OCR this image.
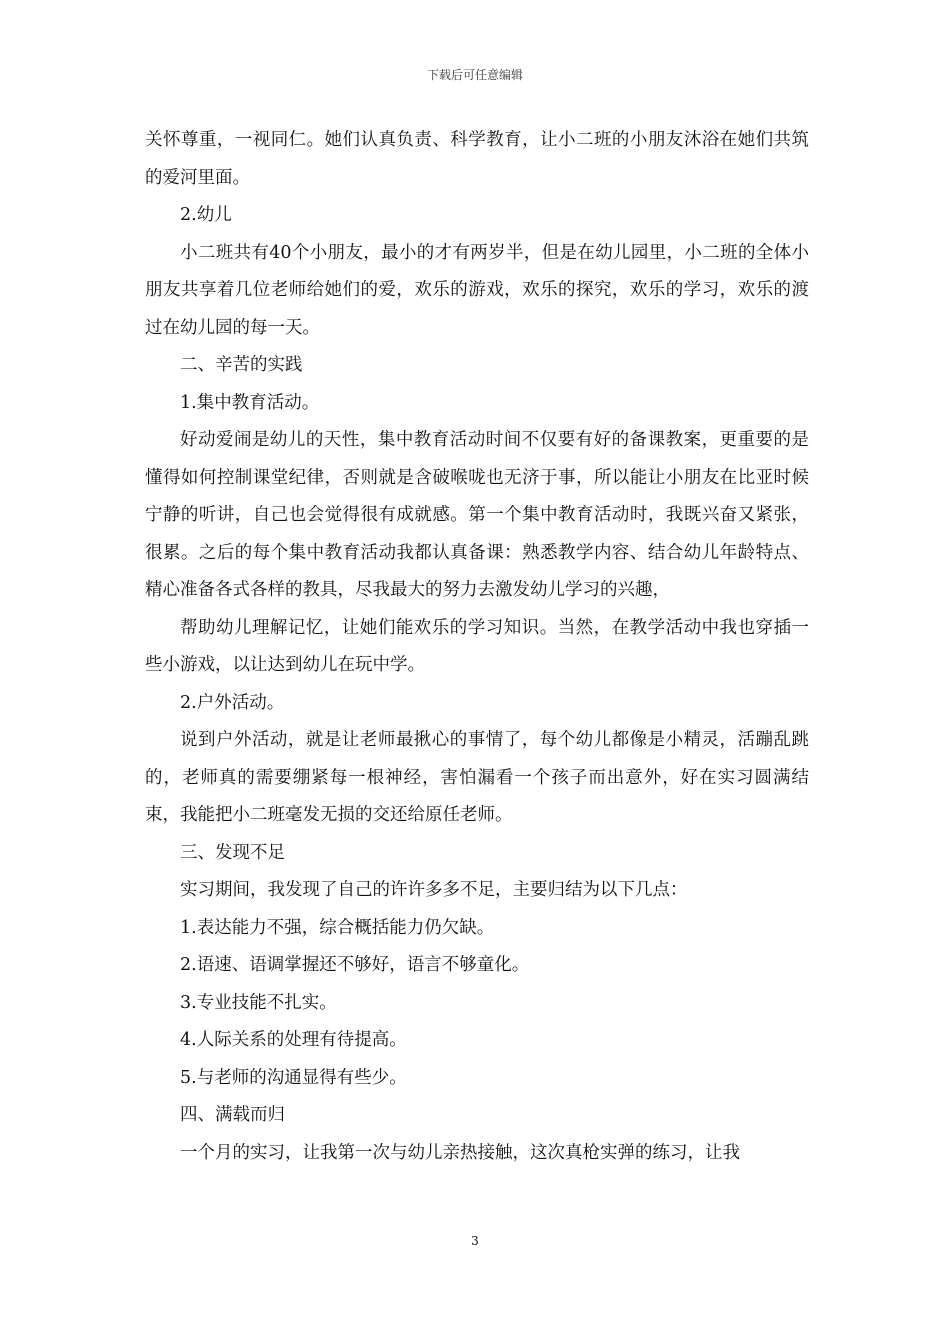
下载后可任意编辑

关怀尊重，一视同仁。她们认真负责、科学教育，让小二班的小朋友沐浴在她们共筑的爱河里面。

2.幼儿

小二班共有40个小朋友，最小的才有两岁半，但是在幼儿园里，小二班的全体小朋友共享着几位老师给她们的爱，欢乐的游戏，欢乐的探究，欢乐的学习，欢乐的渡过在幼儿园的每一天。

二、辛苦的实践

1.集中教育活动。

好动爱闹是幼儿的天性，集中教育活动时间不仅要有好的备课教案，更重要的是懂得如何控制课堂纪律，否则就是含破喉咙也无济于事，所以能让小朋友在比亚时候宁静的听讲，自己也会觉得很有成就感。第一个集中教育活动时，我既兴奋又紧张，很累。之后的每个集中教育活动我都认真备课：熟悉教学内容、结合幼儿年龄特点、精心准备各式各样的教具，尽我最大的努力去激发幼儿学习的兴趣，

帮助幼儿理解记忆，让她们能欢乐的学习知识。当然，在教学活动中我也穿插一些小游戏，以让达到幼儿在玩中学。

2.户外活动。

说到户外活动，就是让老师最揪心的事情了，每个幼儿都像是小精灵，活蹦乱跳的，老师真的需要绷紧每一根神经，害怕漏看一个孩子而出意外，好在实习圆满结束，我能把小二班毫发无损的交还给原任老师。

三、发现不足

实习期间，我发现了自己的许许多多不足，主要归结为以下几点：

1.表达能力不强，综合概括能力仍欠缺。

2.语速、语调掌握还不够好，语言不够童化。

3.专业技能不扎实。

4.人际关系的处理有待提高。

5.与老师的沟通显得有些少。

四、满载而归

一个月的实习，让我第一次与幼儿亲热接触，这次真枪实弹的练习，让我

3
